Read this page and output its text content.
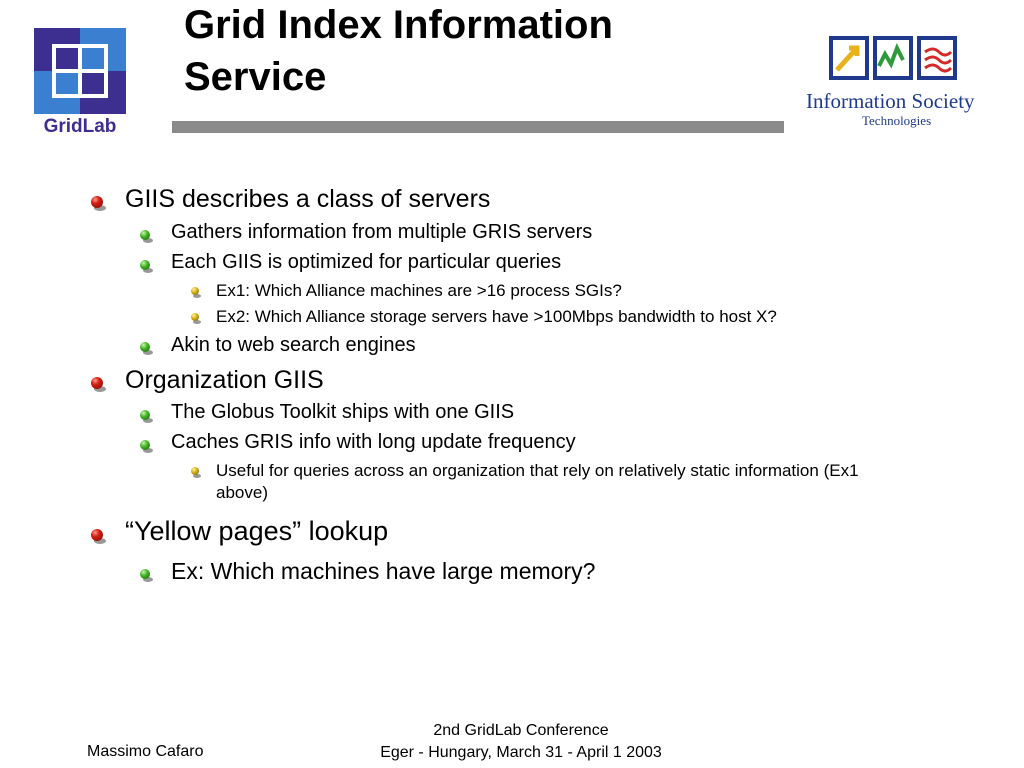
GridLab
Grid Index Information
Service
Information Society
Technologies
GIIS describes a class of servers
Gathers information from multiple GRIS servers
Each GIIS is optimized for particular queries
Ex1: Which Alliance machines are >16 process SGIs?
Ex2: Which Alliance storage servers have >100Mbps bandwidth to host X?
Akin to web search engines
Organization GIIS
The Globus Toolkit ships with one GIIS
Caches GRIS info with long update frequency
Useful for queries across an organization that rely on relatively static information (Ex1
above)
“Yellow pages” lookup
Ex: Which machines have large memory?
Massimo Cafaro
2nd GridLab Conference
Eger - Hungary, March 31 - April 1 2003
